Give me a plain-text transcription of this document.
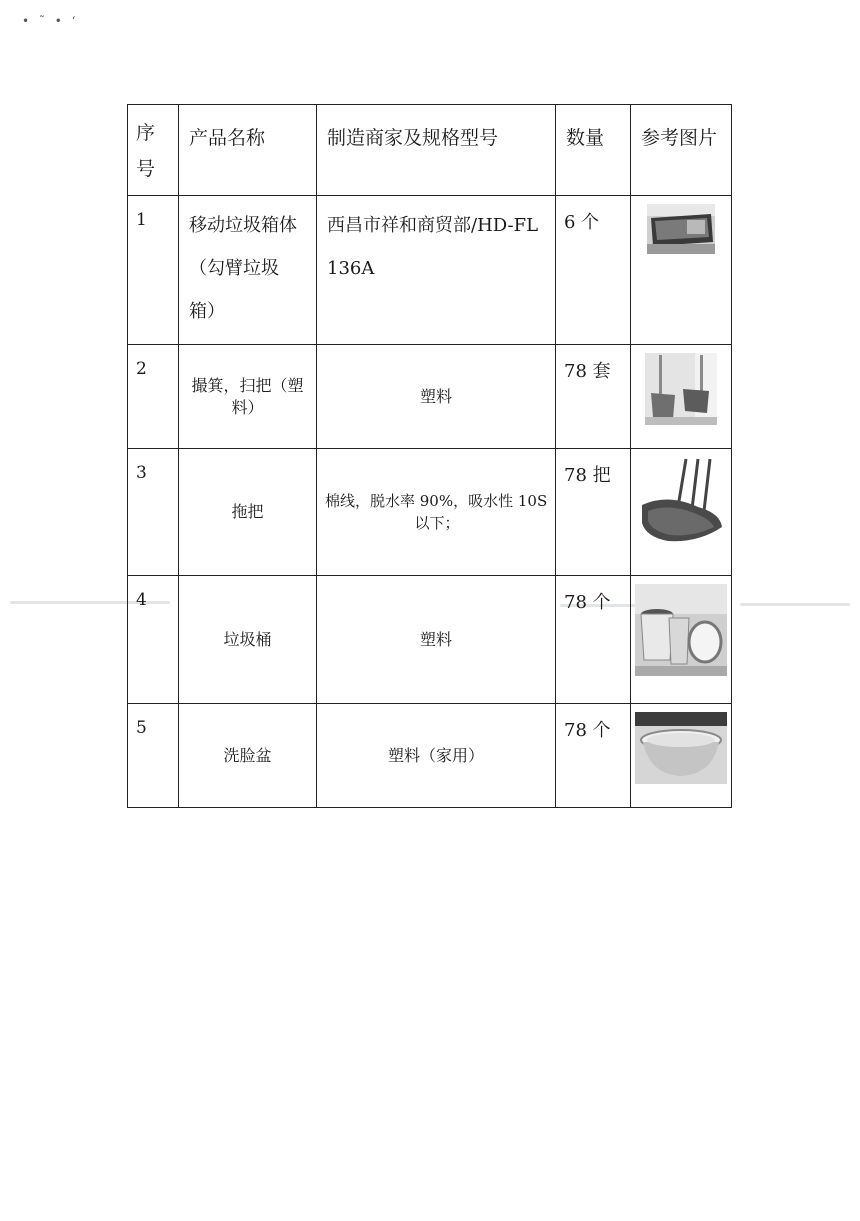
• ˜ • ‘
序
号	产品名称	制造商家及规格型号	数量	参考图片

1	移动垃圾箱体
（勾臂垃圾
箱）	西昌市祥和商贸部/HD-FL
136A	6 个	
2	撮箕，扫把（塑
料）	塑料	78 套	
3	拖把	棉线，脱水率 90%，吸水性 10S
以下；	78 把	
4	垃圾桶	塑料	78 个	
5	洗脸盆	塑料（家用）	78 个	
